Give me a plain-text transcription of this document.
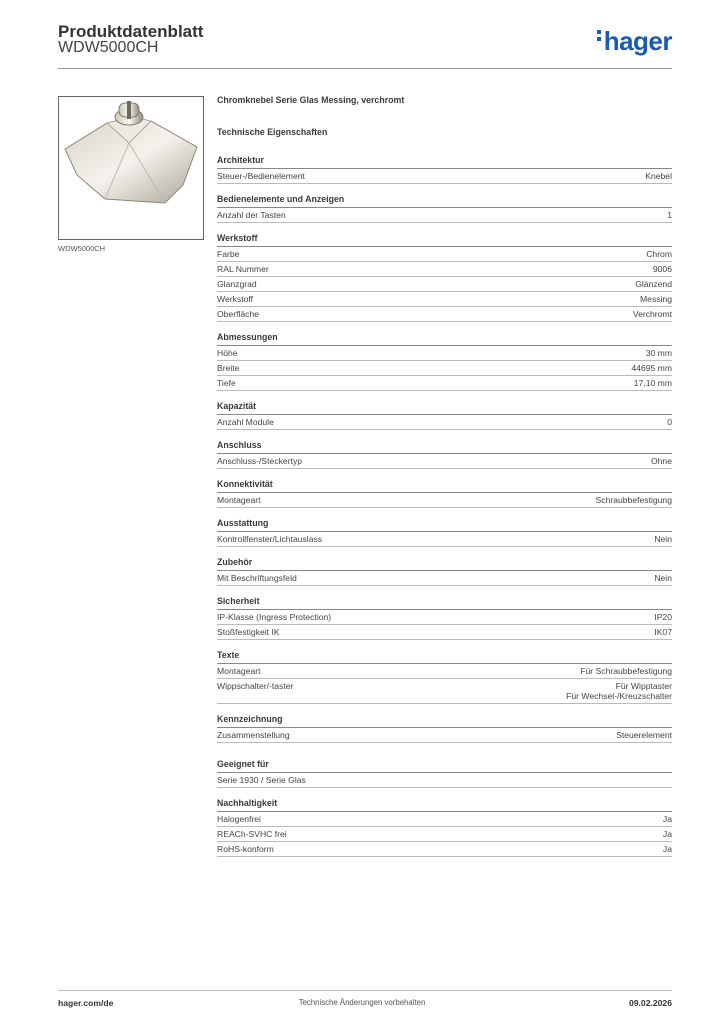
Produktdatenblatt
WDW5000CH	hager
WDW5000CH
Chromknebel Serie Glas Messing, verchromt
Technische Eigenschaften
Architektur
Steuer-/Bedienelement	Knebel
Bedienelemente und Anzeigen
Anzahl der Tasten	1
Werkstoff
Farbe	Chrom
RAL Nummer	9006
Glanzgrad	Glänzend
Werkstoff	Messing
Oberfläche	Verchromt
Abmessungen
Höhe	30 mm
Breite	44695 mm
Tiefe	17,10 mm
Kapazität
Anzahl Module	0
Anschluss
Anschluss-/Steckertyp	Ohne
Konnektivität
Montageart	Schraubbefestigung
Ausstattung
Kontrollfenster/Lichtauslass	Nein
Zubehör
Mit Beschriftungsfeld	Nein
Sicherheit
IP-Klasse (Ingress Protection)	IP20
Stoßfestigkeit IK	IK07
Texte
Montageart	Für Schraubbefestigung
Wippschalter/-taster	Für Wipptaster
Für Wechsel-/Kreuzschalter
Kennzeichnung
Zusammenstellung	Steuerelement
Geeignet für
Serie 1930 / Serie Glas
Nachhaltigkeit
Halogenfrei	Ja
REACh-SVHC frei	Ja
RoHS-konform	Ja
hager.com/de	Technische Änderungen vorbehalten	09.02.2026
